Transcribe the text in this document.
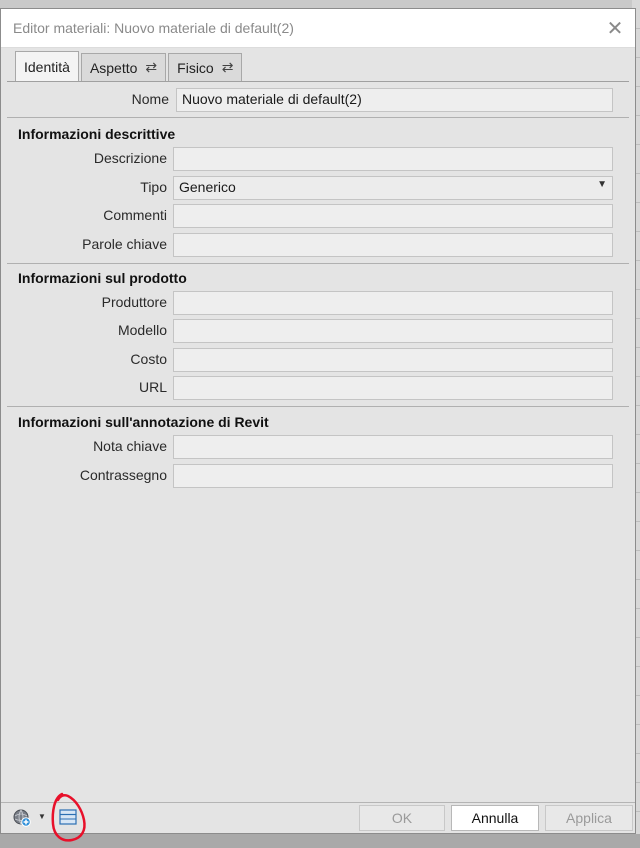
Editor materiali: Nuovo materiale di default(2)	✕
Identità Aspetto ⇄ Fisico ⇄
Nome Nuovo materiale di default(2)
Informazioni descrittive
Descrizione
Tipo Generico	▼
Commenti
Parole chiave
Informazioni sul prodotto
Produttore
Modello
Costo
URL
Informazioni sull'annotazione di Revit
Nota chiave
Contrassegno
▼	OK	Annulla	Applica
